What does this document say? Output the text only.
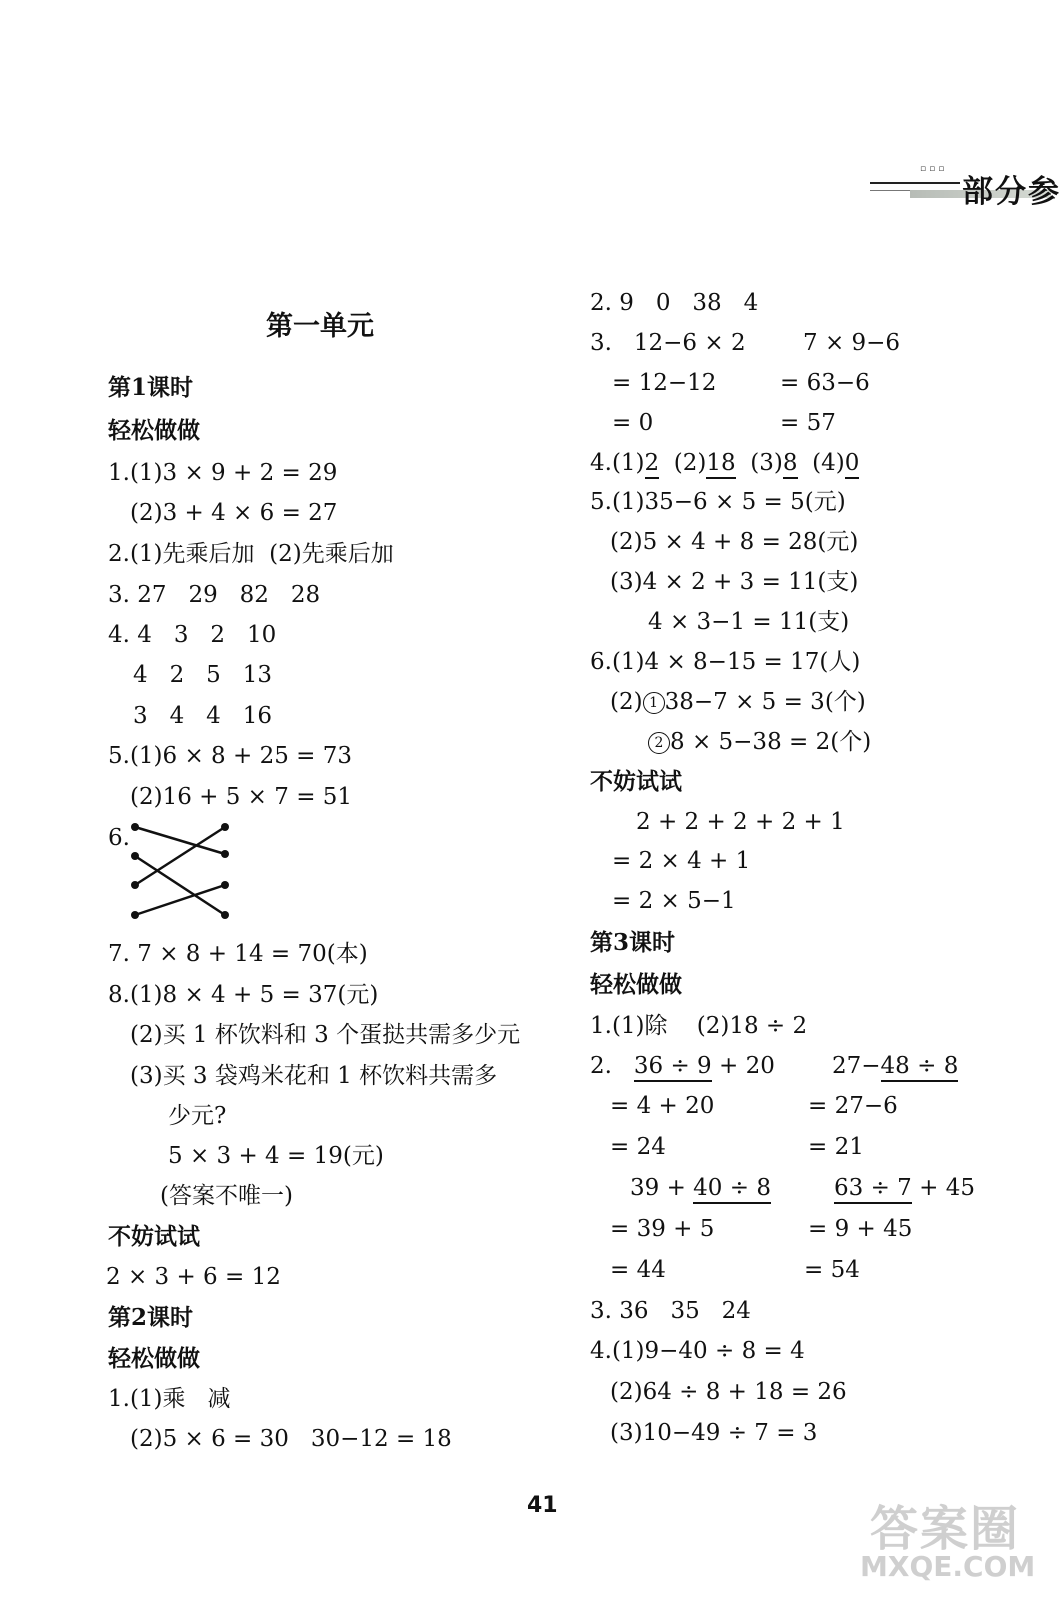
▫▫▫
部分参
第一单元
第1课时
轻松做做
1.(1)3 × 9 + 2 = 29
(2)3 + 4 × 6 = 27
2.(1)先乘后加  (2)先乘后加
3. 27   29   82   28
4. 4   3   2   10
4   2   5   13
3   4   4   16
5.(1)6 × 8 + 25 = 73
(2)16 + 5 × 7 = 51
6.
7. 7 × 8 + 14 = 70(本)
8.(1)8 × 4 + 5 = 37(元)
(2)买 1 杯饮料和 3 个蛋挞共需多少元
(3)买 3 袋鸡米花和 1 杯饮料共需多
少元?
5 × 3 + 4 = 19(元)
(答案不唯一)
不妨试试
2 × 3 + 6 = 12
第2课时
轻松做做
1.(1)乘   减
(2)5 × 6 = 30   30−12 = 18
2. 9   0   38   4
3.   12−6 × 2 7 × 9−6
= 12−12	= 63−6
= 0	= 57
4.(1)2 (2)18 (3)8 (4)0
5.(1)35−6 × 5 = 5(元)
(2)5 × 4 + 8 = 28(元)
(3)4 × 2 + 3 = 11(支)
4 × 3−1 = 11(支)
6.(1)4 × 8−15 = 17(人)
(2) 1 38−7 × 5 = 3(个)
2 8 × 5−38 = 2(个)
不妨试试
2 + 2 + 2 + 2 + 1
= 2 × 4 + 1
= 2 × 5−1
第3课时
轻松做做
1.(1)除    (2)18 ÷ 2
2. 36 ÷ 9 + 20 27−48 ÷ 8
= 4 + 20	= 27−6
= 24	= 21
39 + 40 ÷ 8	63 ÷ 7 + 45
= 39 + 5	= 9 + 45
= 44	= 54
3. 36   35   24
4.(1)9−40 ÷ 8 = 4
(2)64 ÷ 8 + 18 = 26
(3)10−49 ÷ 7 = 3
41	答案圈
MXQE.COM
